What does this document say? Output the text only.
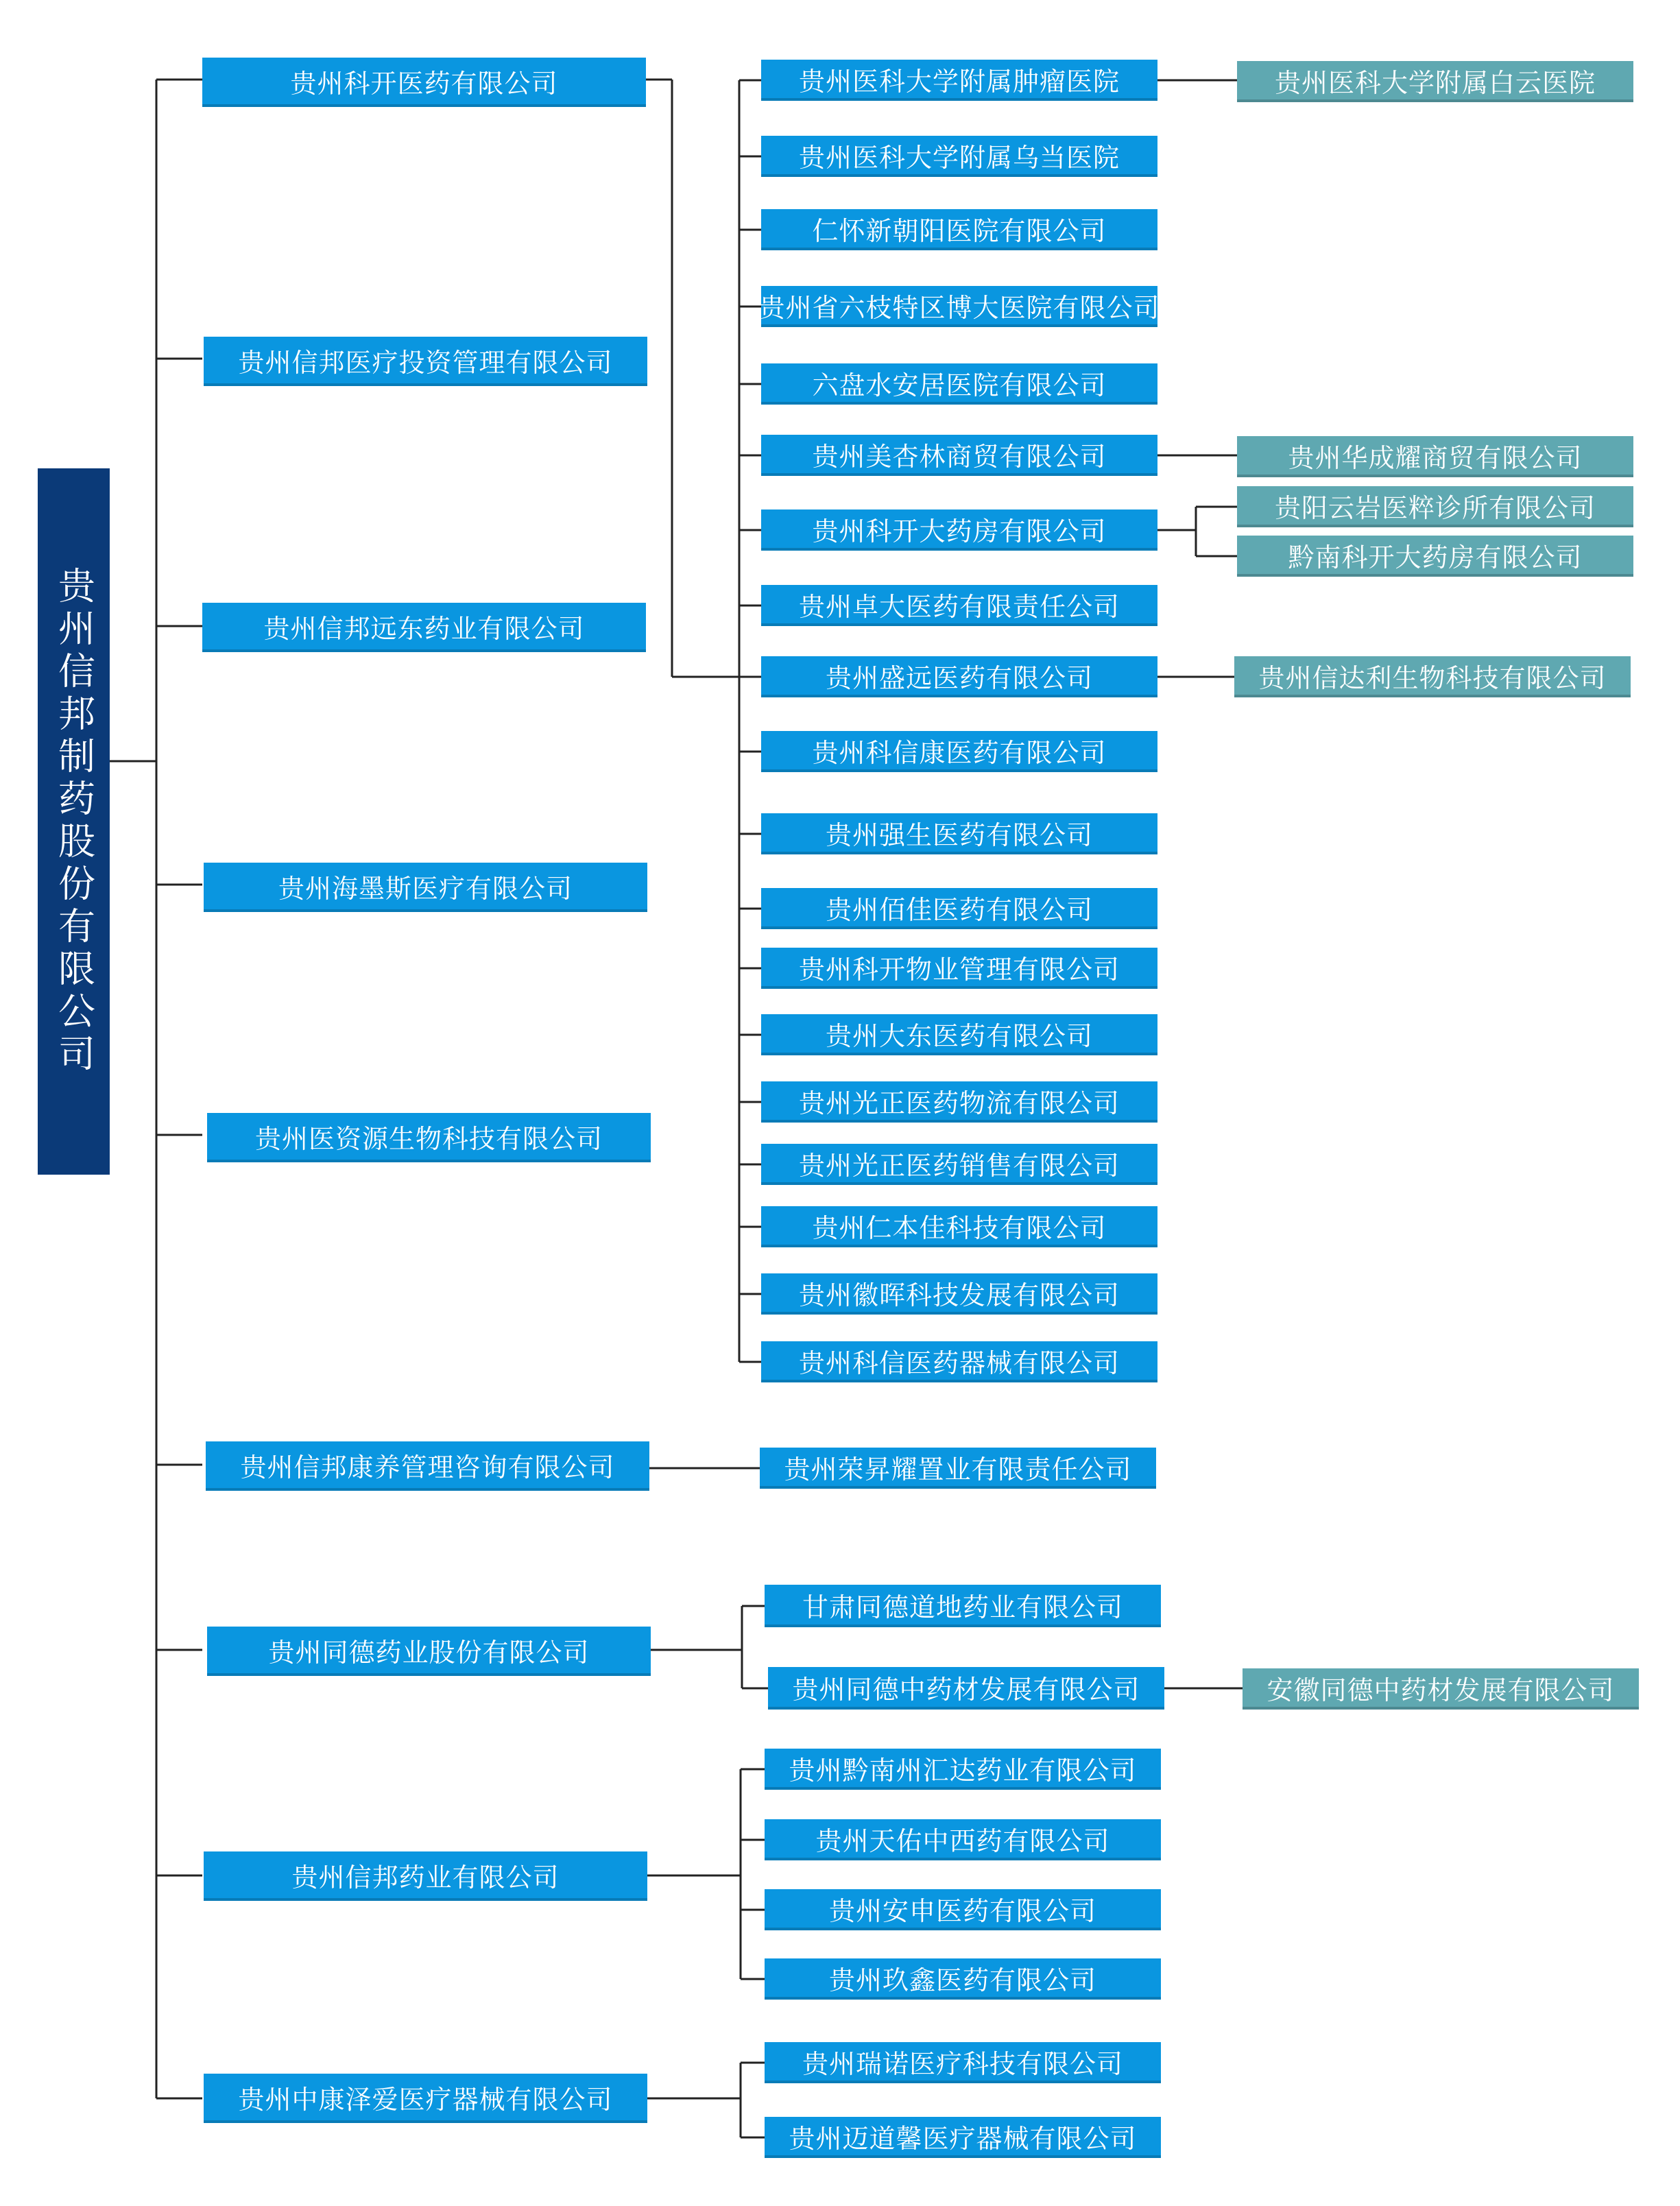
贵州信邦制药股份有限公司
贵州科开医药有限公司
贵州信邦医疗投资管理有限公司
贵州信邦远东药业有限公司
贵州海墨斯医疗有限公司
贵州医资源生物科技有限公司
贵州信邦康养管理咨询有限公司
贵州同德药业股份有限公司
贵州信邦药业有限公司
贵州中康泽爱医疗器械有限公司
贵州医科大学附属肿瘤医院
贵州医科大学附属乌当医院
仁怀新朝阳医院有限公司
贵州省六枝特区博大医院有限公司
六盘水安居医院有限公司
贵州美杏林商贸有限公司
贵州科开大药房有限公司
贵州卓大医药有限责任公司
贵州盛远医药有限公司
贵州科信康医药有限公司
贵州强生医药有限公司
贵州佰佳医药有限公司
贵州科开物业管理有限公司
贵州大东医药有限公司
贵州光正医药物流有限公司
贵州光正医药销售有限公司
贵州仁本佳科技有限公司
贵州徽晖科技发展有限公司
贵州科信医药器械有限公司
贵州荣昇耀置业有限责任公司
甘肃同德道地药业有限公司
贵州同德中药材发展有限公司
贵州黔南州汇达药业有限公司
贵州天佑中西药有限公司
贵州安申医药有限公司
贵州玖鑫医药有限公司
贵州瑞诺医疗科技有限公司
贵州迈道馨医疗器械有限公司
贵州医科大学附属白云医院
贵州华成耀商贸有限公司
贵阳云岩医粹诊所有限公司
黔南科开大药房有限公司
贵州信达利生物科技有限公司
安徽同德中药材发展有限公司
